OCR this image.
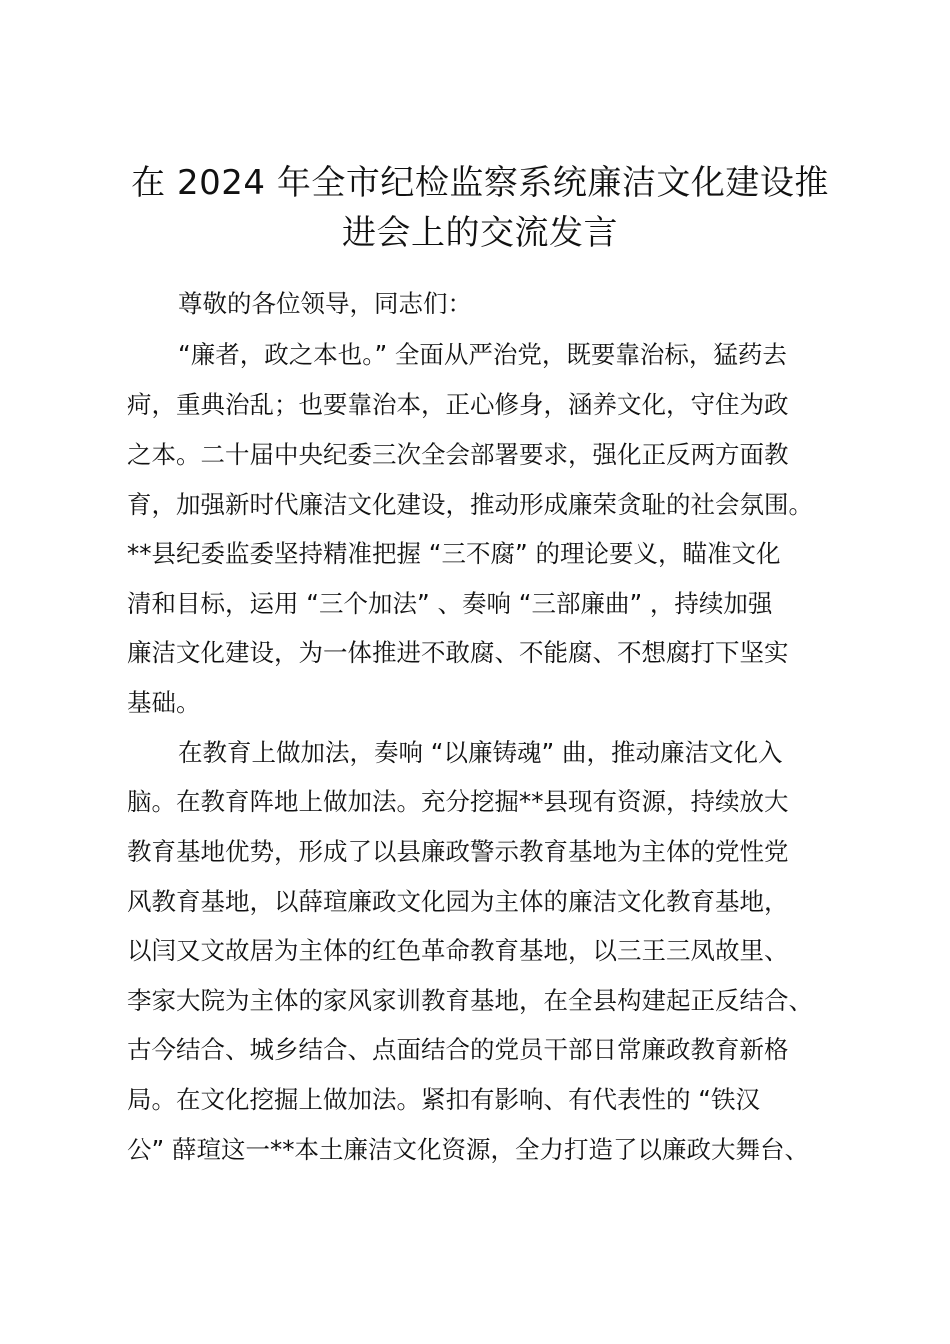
在 2024 年全市纪检监察系统廉洁文化建设推
进会上的交流发言

尊敬的各位领导，同志们：

“廉者，政之本也。” 全面从严治党，既要靠治标，猛药去

疴，重典治乱；也要靠治本，正心修身，涵养文化，守住为政

之本。二十届中央纪委三次全会部署要求，强化正反两方面教

育，加强新时代廉洁文化建设，推动形成廉荣贪耻的社会氛围。

**县纪委监委坚持精准把握 “三不腐” 的理论要义，瞄准文化

清和目标，运用 “三个加法” 、奏响 “三部廉曲” ，持续加强

廉洁文化建设，为一体推进不敢腐、不能腐、不想腐打下坚实

基础。

在教育上做加法，奏响 “以廉铸魂” 曲，推动廉洁文化入

脑。在教育阵地上做加法。充分挖掘**县现有资源，持续放大

教育基地优势，形成了以县廉政警示教育基地为主体的党性党

风教育基地，以薛瑄廉政文化园为主体的廉洁文化教育基地，

以闫又文故居为主体的红色革命教育基地，以三王三凤故里、

李家大院为主体的家风家训教育基地，在全县构建起正反结合、

古今结合、城乡结合、点面结合的党员干部日常廉政教育新格

局。在文化挖掘上做加法。紧扣有影响、有代表性的 “铁汉

公” 薛瑄这一**本土廉洁文化资源，全力打造了以廉政大舞台、
